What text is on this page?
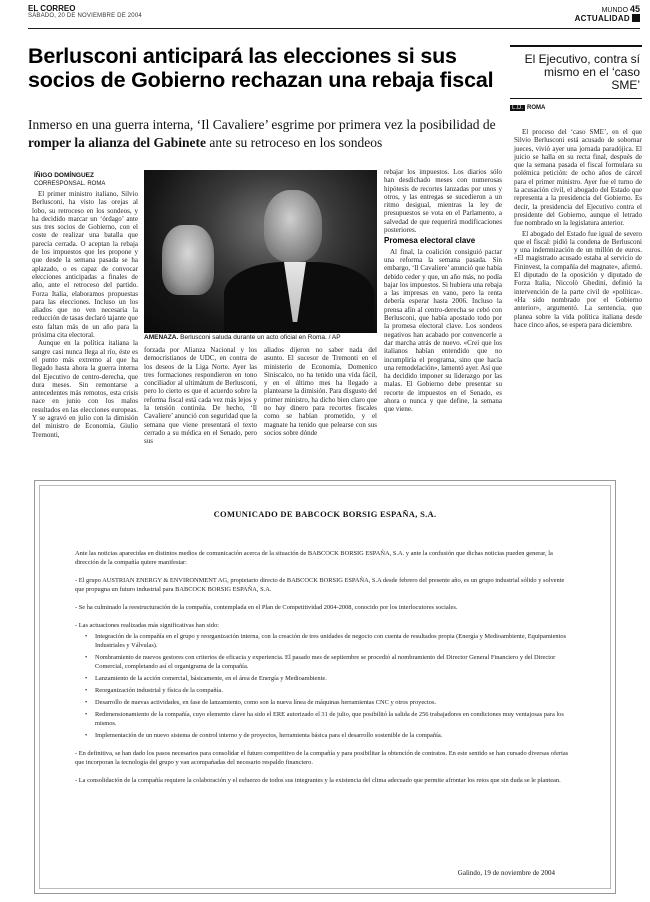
EL CORREO
SÁBADO, 20 DE NOVIEMBRE DE 2004
MUNDO 45
ACTUALIDAD
Berlusconi anticipará las elecciones si sus socios de Gobierno rechazan una rebaja fiscal
Inmerso en una guerra interna, ‘Il Cavaliere’ esgrime por primera vez la posibilidad de romper la alianza del Gabinete ante su retroceso en los sondeos
El Ejecutivo, contra sí mismo en el ‘caso SME’
L.D. ROMA
El proceso del ‘caso SME’, en el que Silvio Berlusconi está acusado de sobornar jueces, vivió ayer una jornada paradójica. El juicio se halla en su recta final, después de que la semana pasada el fiscal formulara su polémica petición: de ocho años de cárcel para el primer ministro. Ayer fue el turno de la acusación civil, el abogado del Estado que representa a la presidencia del Gobierno. Es decir, la presidencia del Ejecutivo contra el presidente del Gobierno, aunque el letrado fue nombrado en la legislatura anterior.
El abogado del Estado fue igual de severo que el fiscal: pidió la condena de Berlusconi y una indemnización de un millón de euros. «El magistrado acusado estaba al servicio de Fininvest, la compañía del magnate», afirmó. El diputado de la oposición y diputado de Forza Italia, Niccolò Ghedini, definió la intervención de la parte civil de «política». «Ha sido nombrado por el Gobierno anterior», argumentó. La sentencia, que planea sobre la vida política italiana desde hace cinco años, se espera para diciembre.
ÍÑIGO DOMÍNGUEZ
CORRESPONSAL. ROMA
El primer ministro italiano, Silvio Berlusconi, ha visto las orejas al lobo, su retroceso en los sondeos, y ha decidido marcar un ‘órdago’ ante sus tres socios de Gobierno, con el coste de realizar una batalla que parecía cerrada. O aceptan la rebaja de los impuestos que les propone y que desde la semana pasada se ha aplazado, o es capaz de convocar elecciones anticipadas a finales de año, ante el retroceso del partido. Forza Italia, elaboramos propuestas para las elecciones. Incluso un los aliados que no ven necesaria la reducción de tasas declaró tajante que esto faltan más de un año para la próxima cita electoral.
Aunque en la política italiana la sangre casi nunca llega al río, éste es el punto más extremo al que ha llegado hasta ahora la guerra interna del Ejecutivo de centro-derecha, que dura meses. Sin remontarse a antecedentes más remotos, esta crisis nace en junio con los malos resultados en las elecciones europeas. Y se agravó en julio con la dimisión del ministro de Economía, Giulio Tremonti,
AMENAZA. Berlusconi saluda durante un acto oficial en Roma. / AP
forzada por Alianza Nacional y los democristianos de UDC, en contra de los deseos de la Liga Norte. Ayer las tres formaciones respondieron en tono conciliador al ultimátum de Berlusconi, pero lo cierto es que el acuerdo sobre la reforma fiscal está cada vez más lejos y la tensión continúa. De hecho, ‘Il Cavaliere’ anunció con seguridad que la semana que viene presentará el texto cerrado a su médica en el Senado, pero sus
aliados dijeron no saber nada del asunto. El sucesor de Tremonti en el ministerio de Economía, Domenico Siniscalco, no ha tenido una vida fácil, y en el último mes ha llegado a plantearse la dimisión. Para disgusto del primer ministro, ha dicho bien claro que no hay dinero para recortes fiscales como se habían prometido, y el magnate ha tenido que pelearse con sus socios sobre dónde
rebajar los impuestos. Los diarios sólo han desdichado meses con numerosas hipótesis de recortes lanzadas por unos y otros, y las entregas se sucedieron a un ritmo desigual, mientras la ley de presupuestos se vota en el Parlamento, a salvedad de que requerirá modificaciones posteriores.
Promesa electoral clave
Al final, la coalición consiguió pactar una reforma la semana pasada. Sin embargo, ‘Il Cavaliere’ anunció que había debido ceder y que, un año más, no podía bajar los impuestos. Si hubiera una rebaja a las impresas en vano, pero la renta debería esperar hasta 2006. Incluso la prensa afín al centro-derecha se cebó con Berlusconi, que había apostado todo por la promesa electoral clave. Los sondeos negativos han acabado por convencerle a dar marcha atrás de nuevo. «Creí que los italianos habían entendido que no incumpliría el programa, sino que hacía una remodelación», lamentó ayer. Así que ha decidido imponer su liderazgo por las malas. El Gobierno debe presentar su recorte de impuestos en el Senado, es ahora o nunca y que define, la semana que viene.
COMUNICADO DE BABCOCK BORSIG ESPAÑA, S.A.

Ante las noticias aparecidas en distintos medios de comunicación acerca de la situación de BABCOCK BORSIG ESPAÑA, S.A. y ante la confusión que dichas noticias pueden generar, la dirección de la compañía quiere manifestar:

- El grupo AUSTRIAN ENERGY & ENVIRONMENT AG, propietario directo de BABCOCK BORSIG ESPAÑA, S.A desde febrero del presente año, es un grupo industrial sólido y solvente que propugna un futuro industrial para BABCOCK BORSIG ESPAÑA, S.A.

- Se ha culminado la reestructuración de la compañía, contemplada en el Plan de Competitividad 2004-2008, conocido por los interlocutores sociales.

- Las actuaciones realizadas más significativas han sido:

• Integración de la compañía en el grupo y reorganización interna, con la creación de tres unidades de negocio con cuenta de resultados propia (Energía y Medioambiente, Equipamientos Industriales y Válvulas).
• Nombramiento de nuevos gestores con criterios de eficacia y experiencia. El pasado mes de septiembre se procedió al nombramiento del Director General Financiero y del Director Comercial, completando así el organigrama de la compañía.
• Lanzamiento de la acción comercial, básicamente, en el área de Energía y Medioambiente.
• Reorganización industrial y física de la compañía.
• Desarrollo de nuevas actividades, en fase de lanzamiento, como son la nueva línea de máquinas herramientas CNC y otros proyectos.
• Redimensionamiento de la compañía, cuyo elemento clave ha sido el ERE autorizado el 31 de julio, que posibilitó la salida de 256 trabajadores en condiciones muy ventajosas para los mismos.
• Implementación de un nuevo sistema de control interno y de proyectos, herramienta básica para el desarrollo sostenible de la compañía.

- En definitiva, se han dado los pasos necesarios para consolidar el futuro competitivo de la compañía y para posibilitar la obtención de contratos. En este sentido se han cursado diversas ofertas que incorporan la tecnología del grupo y van acompañadas del necesario respaldo financiero.

- La consolidación de la compañía requiere la colaboración y el esfuerzo de todos sus integrantes y la existencia del clima adecuado que permite afrontar los retos que sin duda se le plantean.

Galindo, 19 de noviembre de 2004
